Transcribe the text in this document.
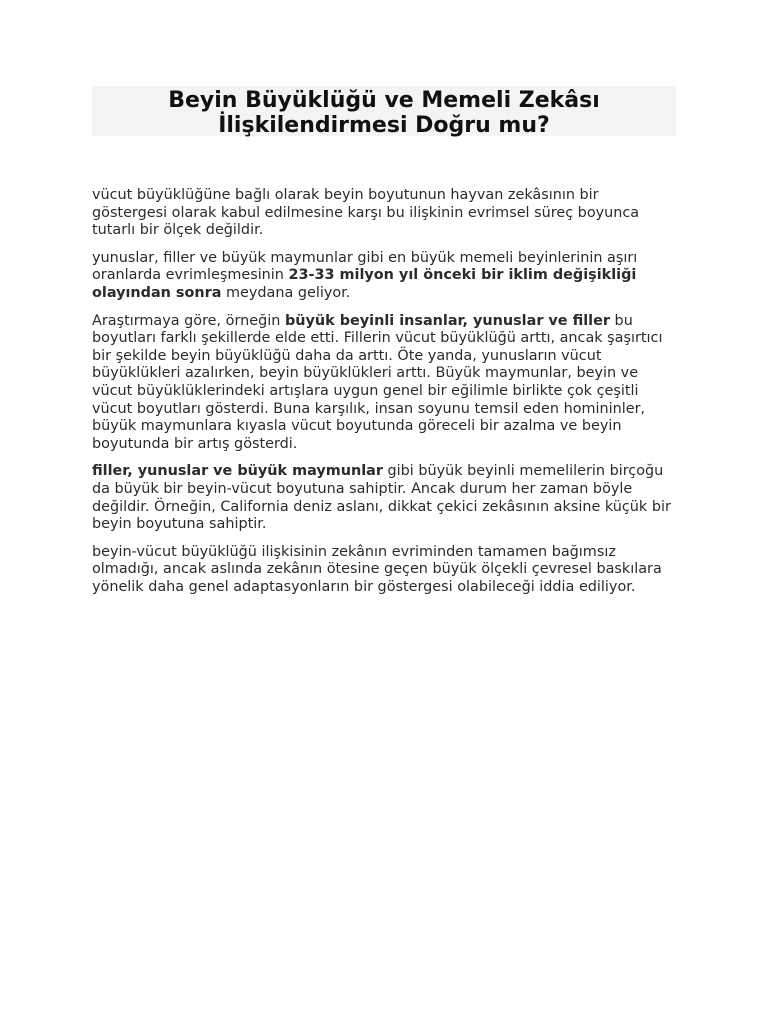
Beyin Büyüklüğü ve Memeli Zekâsı İlişkilendirmesi Doğru mu?

vücut büyüklüğüne bağlı olarak beyin boyutunun hayvan zekâsının bir göstergesi olarak kabul edilmesine karşı bu ilişkinin evrimsel süreç boyunca tutarlı bir ölçek değildir.

yunuslar, filler ve büyük maymunlar gibi en büyük memeli beyinlerinin aşırı oranlarda evrimleşmesinin 23-33 milyon yıl önceki bir iklim değişikliği olayından sonra meydana geliyor.

Araştırmaya göre, örneğin büyük beyinli insanlar, yunuslar ve filler bu boyutları farklı şekillerde elde etti. Fillerin vücut büyüklüğü arttı, ancak şaşırtıcı bir şekilde beyin büyüklüğü daha da arttı. Öte yanda, yunusların vücut büyüklükleri azalırken, beyin büyüklükleri arttı. Büyük maymunlar, beyin ve vücut büyüklüklerindeki artışlara uygun genel bir eğilimle birlikte çok çeşitli vücut boyutları gösterdi. Buna karşılık, insan soyunu temsil eden homininler, büyük maymunlara kıyasla vücut boyutunda göreceli bir azalma ve beyin boyutunda bir artış gösterdi.

filler, yunuslar ve büyük maymunlar gibi büyük beyinli memelilerin birçoğu da büyük bir beyin-vücut boyutuna sahiptir. Ancak durum her zaman böyle değildir. Örneğin, California deniz aslanı, dikkat çekici zekâsının aksine küçük bir beyin boyutuna sahiptir.

beyin-vücut büyüklüğü ilişkisinin zekânın evriminden tamamen bağımsız olmadığı, ancak aslında zekânın ötesine geçen büyük ölçekli çevresel baskılara yönelik daha genel adaptasyonların bir göstergesi olabileceği iddia ediliyor.
